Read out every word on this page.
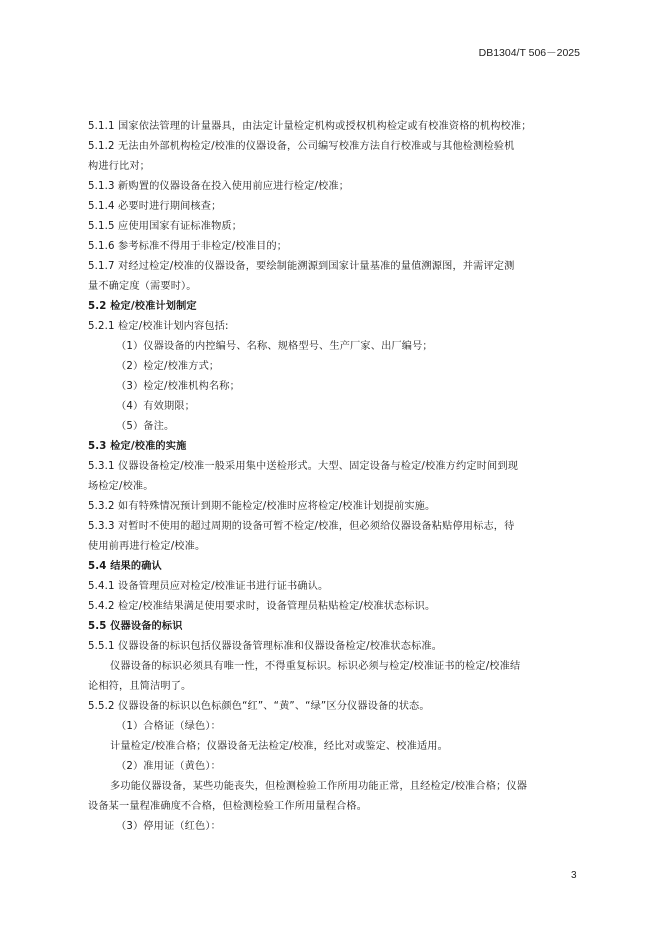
DB1304/T 506－2025
5.1.1 国家依法管理的计量器具，由法定计量检定机构或授权机构检定或有校准资格的机构校准；
5.1.2 无法由外部机构检定/校准的仪器设备，公司编写校准方法自行校准或与其他检测检验机
构进行比对；
5.1.3 新购置的仪器设备在投入使用前应进行检定/校准；
5.1.4 必要时进行期间核查；
5.1.5 应使用国家有证标准物质；
5.1.6 参考标准不得用于非检定/校准目的；
5.1.7 对经过检定/校准的仪器设备，要绘制能溯源到国家计量基准的量值溯源图，并需评定测
量不确定度（需要时）。
5.2 检定/校准计划制定
5.2.1 检定/校准计划内容包括:
（1）仪器设备的内控编号、名称、规格型号、生产厂家、出厂编号；
（2）检定/校准方式；
（3）检定/校准机构名称；
（4）有效期限；
（5）备注。
5.3 检定/校准的实施
5.3.1 仪器设备检定/校准一般采用集中送检形式。大型、固定设备与检定/校准方约定时间到现
场检定/校准。
5.3.2 如有特殊情况预计到期不能检定/校准时应将检定/校准计划提前实施。
5.3.3 对暂时不使用的超过周期的设备可暂不检定/校准，但必须给仪器设备粘贴停用标志，待
使用前再进行检定/校准。
5.4 结果的确认
5.4.1 设备管理员应对检定/校准证书进行证书确认。
5.4.2 检定/校准结果满足使用要求时，设备管理员粘贴检定/校准状态标识。
5.5 仪器设备的标识
5.5.1 仪器设备的标识包括仪器设备管理标准和仪器设备检定/校准状态标准。
仪器设备的标识必须具有唯一性，不得重复标识。标识必须与检定/校准证书的检定/校准结
论相符，且简洁明了。
5.5.2 仪器设备的标识以色标颜色“红”、“黄”、“绿”区分仪器设备的状态。
（1）合格证（绿色）：
计量检定/校准合格；仪器设备无法检定/校准，经比对或鉴定、校准适用。
（2）准用证（黄色）：
多功能仪器设备，某些功能丧失，但检测检验工作所用功能正常，且经检定/校准合格；仪器
设备某一量程准确度不合格，但检测检验工作所用量程合格。
（3）停用证（红色）：
3
